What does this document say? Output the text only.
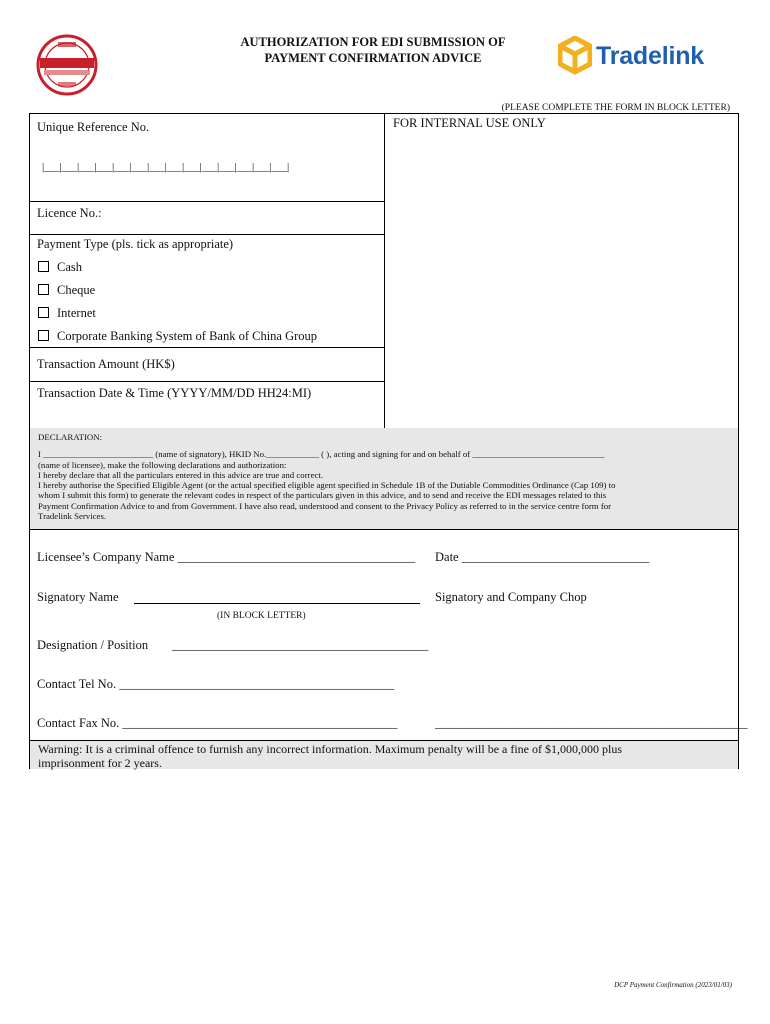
AUTHORIZATION FOR EDI SUBMISSION OF
PAYMENT CONFIRMATION ADVICE	Tradelink
(PLEASE COMPLETE THE FORM IN BLOCK LETTER)
Unique Reference No.	FOR INTERNAL USE ONLY
|___|___|___|___|___|___|___|___|___|___|___|___|___|___|
Licence No.:
Payment Type (pls. tick as appropriate)
Cash
Cheque
Internet
Corporate Banking System of Bank of China Group
Transaction Amount (HK$)
Transaction Date & Time (YYYY/MM/DD HH24:MI)
DECLARATION:
I _________________________ (name of signatory), HKID No.____________ ( ), acting and signing for and on behalf of ______________________________
(name of licensee), make the following declarations and authorization:
I hereby declare that all the particulars entered in this advice are true and correct.
I hereby authorise the Specified Eligible Agent (or the actual specified eligible agent specified in Schedule 1B of the Dutiable Commodities Ordinance (Cap 109) to
whom I submit this form) to generate the relevant codes in respect of the particulars given in this advice, and to send and receive the EDI messages related to this
Payment Confirmation Advice to and from Government. I have also read, understood and consent to the Privacy Policy as referred to in the service centre form for
Tradelink Services.
Licensee’s Company Name ______________________________________ Date ______________________________
Signatory Name	Signatory and Company Chop
(IN BLOCK LETTER)
Designation / Position _________________________________________
Contact Tel No. ____________________________________________
Contact Fax No. ____________________________________________	__________________________________________________
Warning: It is a criminal offence to furnish any incorrect information. Maximum penalty will be a fine of $1,000,000 plus
imprisonment for 2 years.
DCP Payment Confirmation (2023/01/03)
